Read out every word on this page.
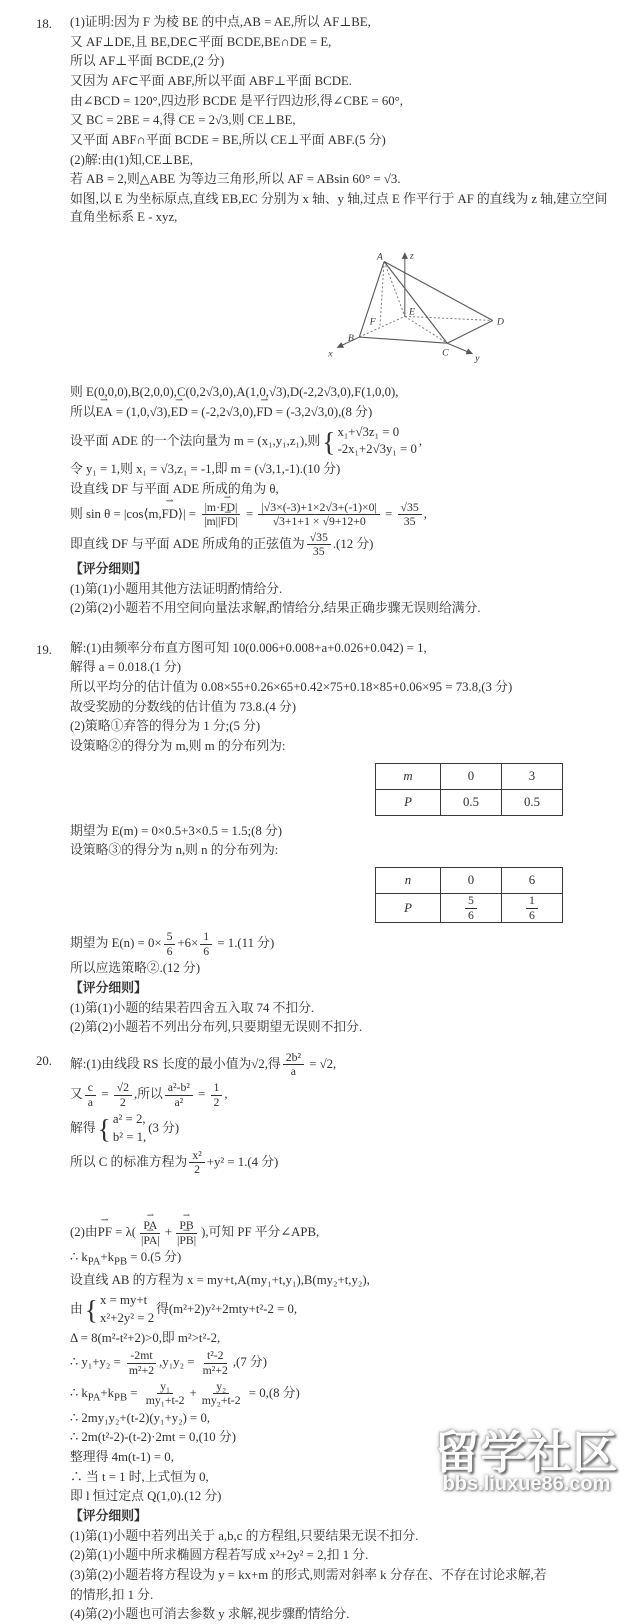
18. (1)证明:因为 F 为棱 BE 的中点,AB = AE,所以 AF⊥BE,
又 AF⊥DE,且 BE,DE⊂平面 BCDE,BE∩DE = E,
所以 AF⊥平面 BCDE,(2 分)
又因为 AF⊂平面 ABF,所以平面 ABF⊥平面 BCDE.
由∠BCD = 120°,四边形 BCDE 是平行四边形,得∠CBE = 60°,
又 BC = 2BE = 4,得 CE = 2√3,则 CE⊥BE,
又平面 ABF∩平面 BCDE = BE,所以 CE⊥平面 ABF.(5 分)
(2)解:由(1)知,CE⊥BE,
若 AB = 2,则△ABE 为等边三角形,所以 AF = ABsin 60° = √3.
如图,以 E 为坐标原点,直线 EB,EC 分别为 x 轴、y 轴,过点 E 作平行于 AF 的直线为 z 轴,建立空间直角坐标系 E - xyz,
A
B
C
D
E
F
x	y
z
则 E(0,0,0),B(2,0,0),C(0,2√3,0),A(1,0,√3),D(-2,2√3,0),F(1,0,0),
所以EA ⇀ = (1,0,√3),ED ⇀ = (-2,2√3,0),FD ⇀ = (-3,2√3,0),(8 分)
设平面 ADE 的一个法向量为 m = (x₁,y₁,z₁),则 { x₁+√3z₁ = 0
-2x₁+2√3y₁ = 0
,
令 y₁ = 1,则 x₁ = √3,z₁ = -1,即 m = (√3,1,-1).(10 分)
设直线 DF 与平面 ADE 所成的角为 θ,
则 sin θ = |cos⟨m,FD ⇀⟩| = $\frac{|m\cdot FD ⇀|}{|m||FD ⇀|} = \frac{|√3\times(-3)+1\times 2√3+(-1)\times 0|}{√3+1+1 \times √9+12+0} = \frac{√35}{35}$ ,
即直线 DF 与平面 ADE 所成角的正弦值为 $\frac{√35}{35} .(12$ 分)
【评分细则】
(1)第(1)小题用其他方法证明酌情给分.
(2)第(2)小题若不用空间向量法求解,酌情给分,结果正确步骤无误则给满分.
19. 解:(1)由频率分布直方图可知 10(0.006+0.008+a+0.026+0.042) = 1,
解得 a = 0.018.(1 分)
所以平均分的估计值为 0.08×55+0.26×65+0.42×75+0.18×85+0.06×95 = 73.8,(3 分)
故受奖励的分数线的估计值为 73.8.(4 分)
(2)策略①弃答的得分为 1 分;(5 分)
设策略②的得分为 m,则 m 的分布列为:
m	0	3
P	0.5	0.5
期望为 E(m) = 0×0.5+3×0.5 = 1.5;(8 分)
设策略③的得分为 n,则 n 的分布列为:
n	0	6
P	$\frac{5}{6}$	$\frac{1}{6}$
期望为 $E(n) = 0\times \frac{5}{6} +6\times \frac{1}{6} = 1.(11$ 分)
所以应选策略②.(12 分)
【评分细则】
(1)第(1)小题的结果若四舍五入取 74 不扣分.
(2)第(2)小题若不列出分布列,只要期望无误则不扣分.
20. 解:(1)由线段 RS 长度的最小值为√2,得 $\frac{\text{2b²}}{a} = √2$,
又 $\frac{c}{a} = \frac{√2}{2}$ ,所以 $\frac{\text{a²-b²}}{\text{a²}} = \frac{1}{2}$ ,
解得 { a² = 2,
b² = 1,
(3 分)
所以 C 的标准方程为 $\frac{\text{x²}}{2} +y^2 = 1.(4$ 分)
(2)由PF ⇀ = $\lambda( \frac{PA ⇀}{|PA ⇀|} + \frac{PB ⇀}{|PB ⇀|}$ ),可知 PF 平分∠APB,
∴ $k_{PA}+k_{PB} = 0.(5$ 分)
设直线 AB 的方程为 x = my+t,A(my₁+t,y₁),B(my₂+t,y₂),
由 { x = my+t
x²+2y² = 2
得(m²+2)y²+2mty+t²-2 = 0,
Δ = 8(m²-t²+2)>0,即 m²>t²-2,
∴ $y_1+y_2 = \frac{-2mt}{\text{m²+2}} ,y_1y_2 = \frac{\text{t²-2}}{\text{m²+2}} ,(7$ 分)
∴ $k_{PA}+k_{PB} = \frac{\text{y₁}}{\text{my₁+t-2}} + \frac{\text{y₂}}{\text{my₂+t-2}} = 0,(8$ 分)
∴ 2my₁y₂+(t-2)(y₁+y₂) = 0,
∴ 2m(t²-2)-(t-2)·2mt = 0,(10 分)
整理得 4m(t-1) = 0,
∴ 当 t = 1 时,上式恒为 0,
即 l 恒过定点 Q(1,0).(12 分)
【评分细则】
(1)第(1)小题中若列出关于 a,b,c 的方程组,只要结果无误不扣分.
(2)第(1)小题中所求椭圆方程若写成 x²+2y² = 2,扣 1 分.
(3)第(2)小题若将方程设为 y = kx+m 的形式,则需对斜率 k 分存在、不存在讨论求解,若
的情形,扣 1 分.
(4)第(2)小题也可消去参数 y 求解,视步骤酌情给分.
留学社区
bbs.liuxue86.com
